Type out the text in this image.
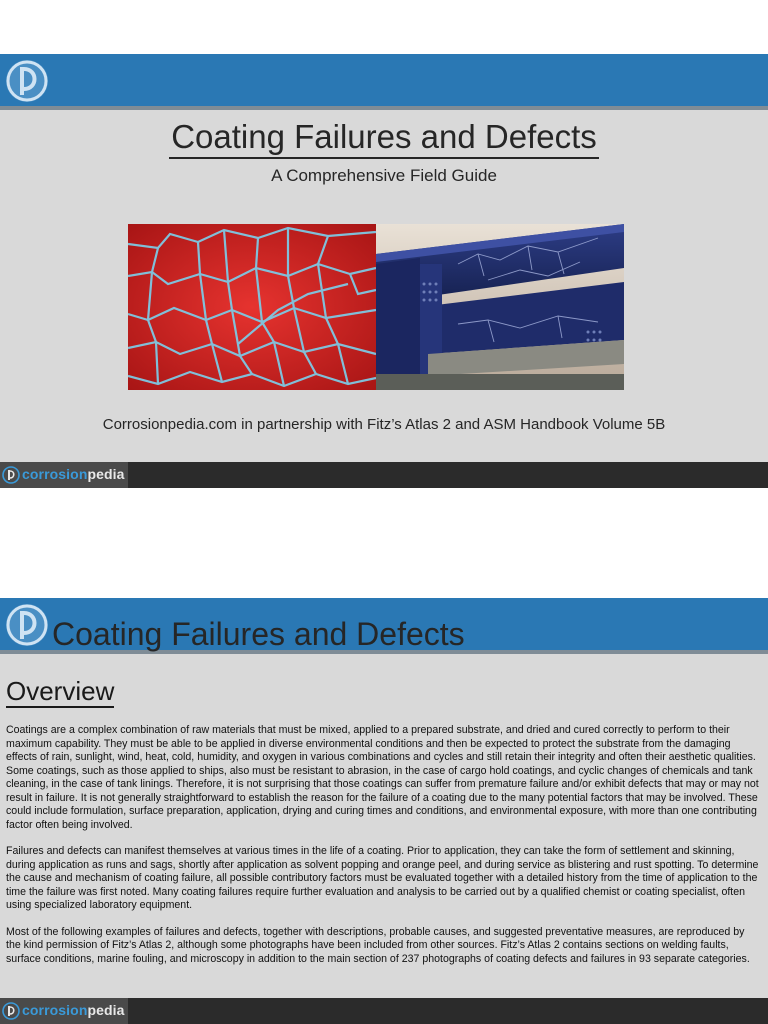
Coating Failures and Defects
A Comprehensive Field Guide
Corrosionpedia.com in partnership with Fitz’s Atlas 2 and ASM Handbook Volume 5B
corrosionpedia
Coating Failures and Defects
Overview

Coatings are a complex combination of raw materials that must be mixed, applied to a prepared substrate, and dried and cured correctly to perform to their maximum capability. They must be able to be applied in diverse environmental conditions and then be expected to protect the substrate from the damaging effects of rain, sunlight, wind, heat, cold, humidity, and oxygen in various combinations and cycles and still retain their integrity and often their aesthetic qualities. Some coatings, such as those applied to ships, also must be resistant to abrasion, in the case of cargo hold coatings, and cyclic changes of chemicals and tank cleaning, in the case of tank linings. Therefore, it is not surprising that those coatings can suffer from premature failure and/or exhibit defects that may or may not result in failure. It is not generally straightforward to establish the reason for the failure of a coating due to the many potential factors that may be involved. These could include formulation, surface preparation, application, drying and curing times and conditions, and environmental exposure, with more than one contributing factor often being involved.

Failures and defects can manifest themselves at various times in the life of a coating. Prior to application, they can take the form of settlement and skinning, during application as runs and sags, shortly after application as solvent popping and orange peel, and during service as blistering and rust spotting. To determine the cause and mechanism of coating failure, all possible contributory factors must be evaluated together with a detailed history from the time of application to the time the failure was first noted. Many coating failures require further evaluation and analysis to be carried out by a qualified chemist or coating specialist, often using specialized laboratory equipment.

Most of the following examples of failures and defects, together with descriptions, probable causes, and suggested preventative measures, are reproduced by the kind permission of Fitz’s Atlas 2, although some photographs have been included from other sources. Fitz’s Atlas 2 contains sections on welding faults, surface conditions, marine fouling, and microscopy in addition to the main section of 237 photographs of coating defects and failures in 93 separate categories.

corrosionpedia
